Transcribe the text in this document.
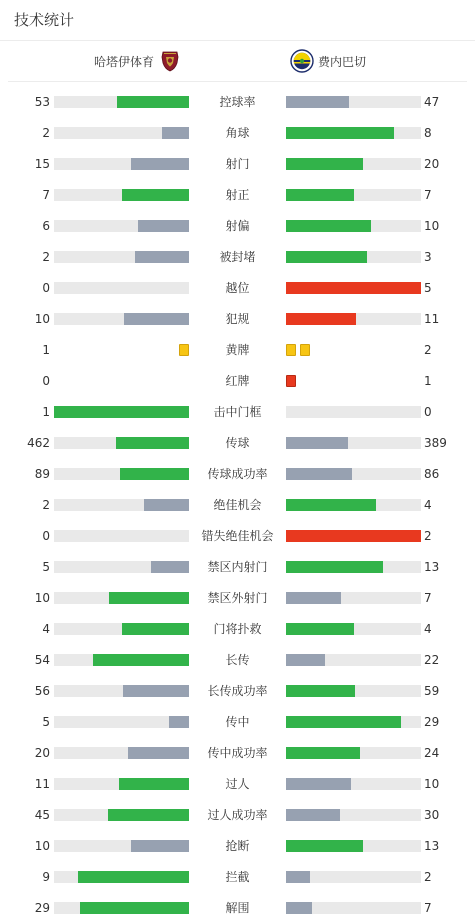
技术统计
哈塔伊体育	费内巴切
53	控球率	47
2	角球	8
15	射门	20
7	射正	7
6	射偏	10
2	被封堵	3
0	越位	5
10	犯规	11
1	黄牌	2
0	红牌	1
1	击中门框	0
462	传球	389
89	传球成功率	86
2	绝佳机会	4
0	错失绝佳机会	2
5	禁区内射门	13
10	禁区外射门	7
4	门将扑救	4
54	长传	22
56	长传成功率	59
5	传中	29
20	传中成功率	24
11	过人	10
45	过人成功率	30
10	抢断	13
9	拦截	2
29	解围	7
